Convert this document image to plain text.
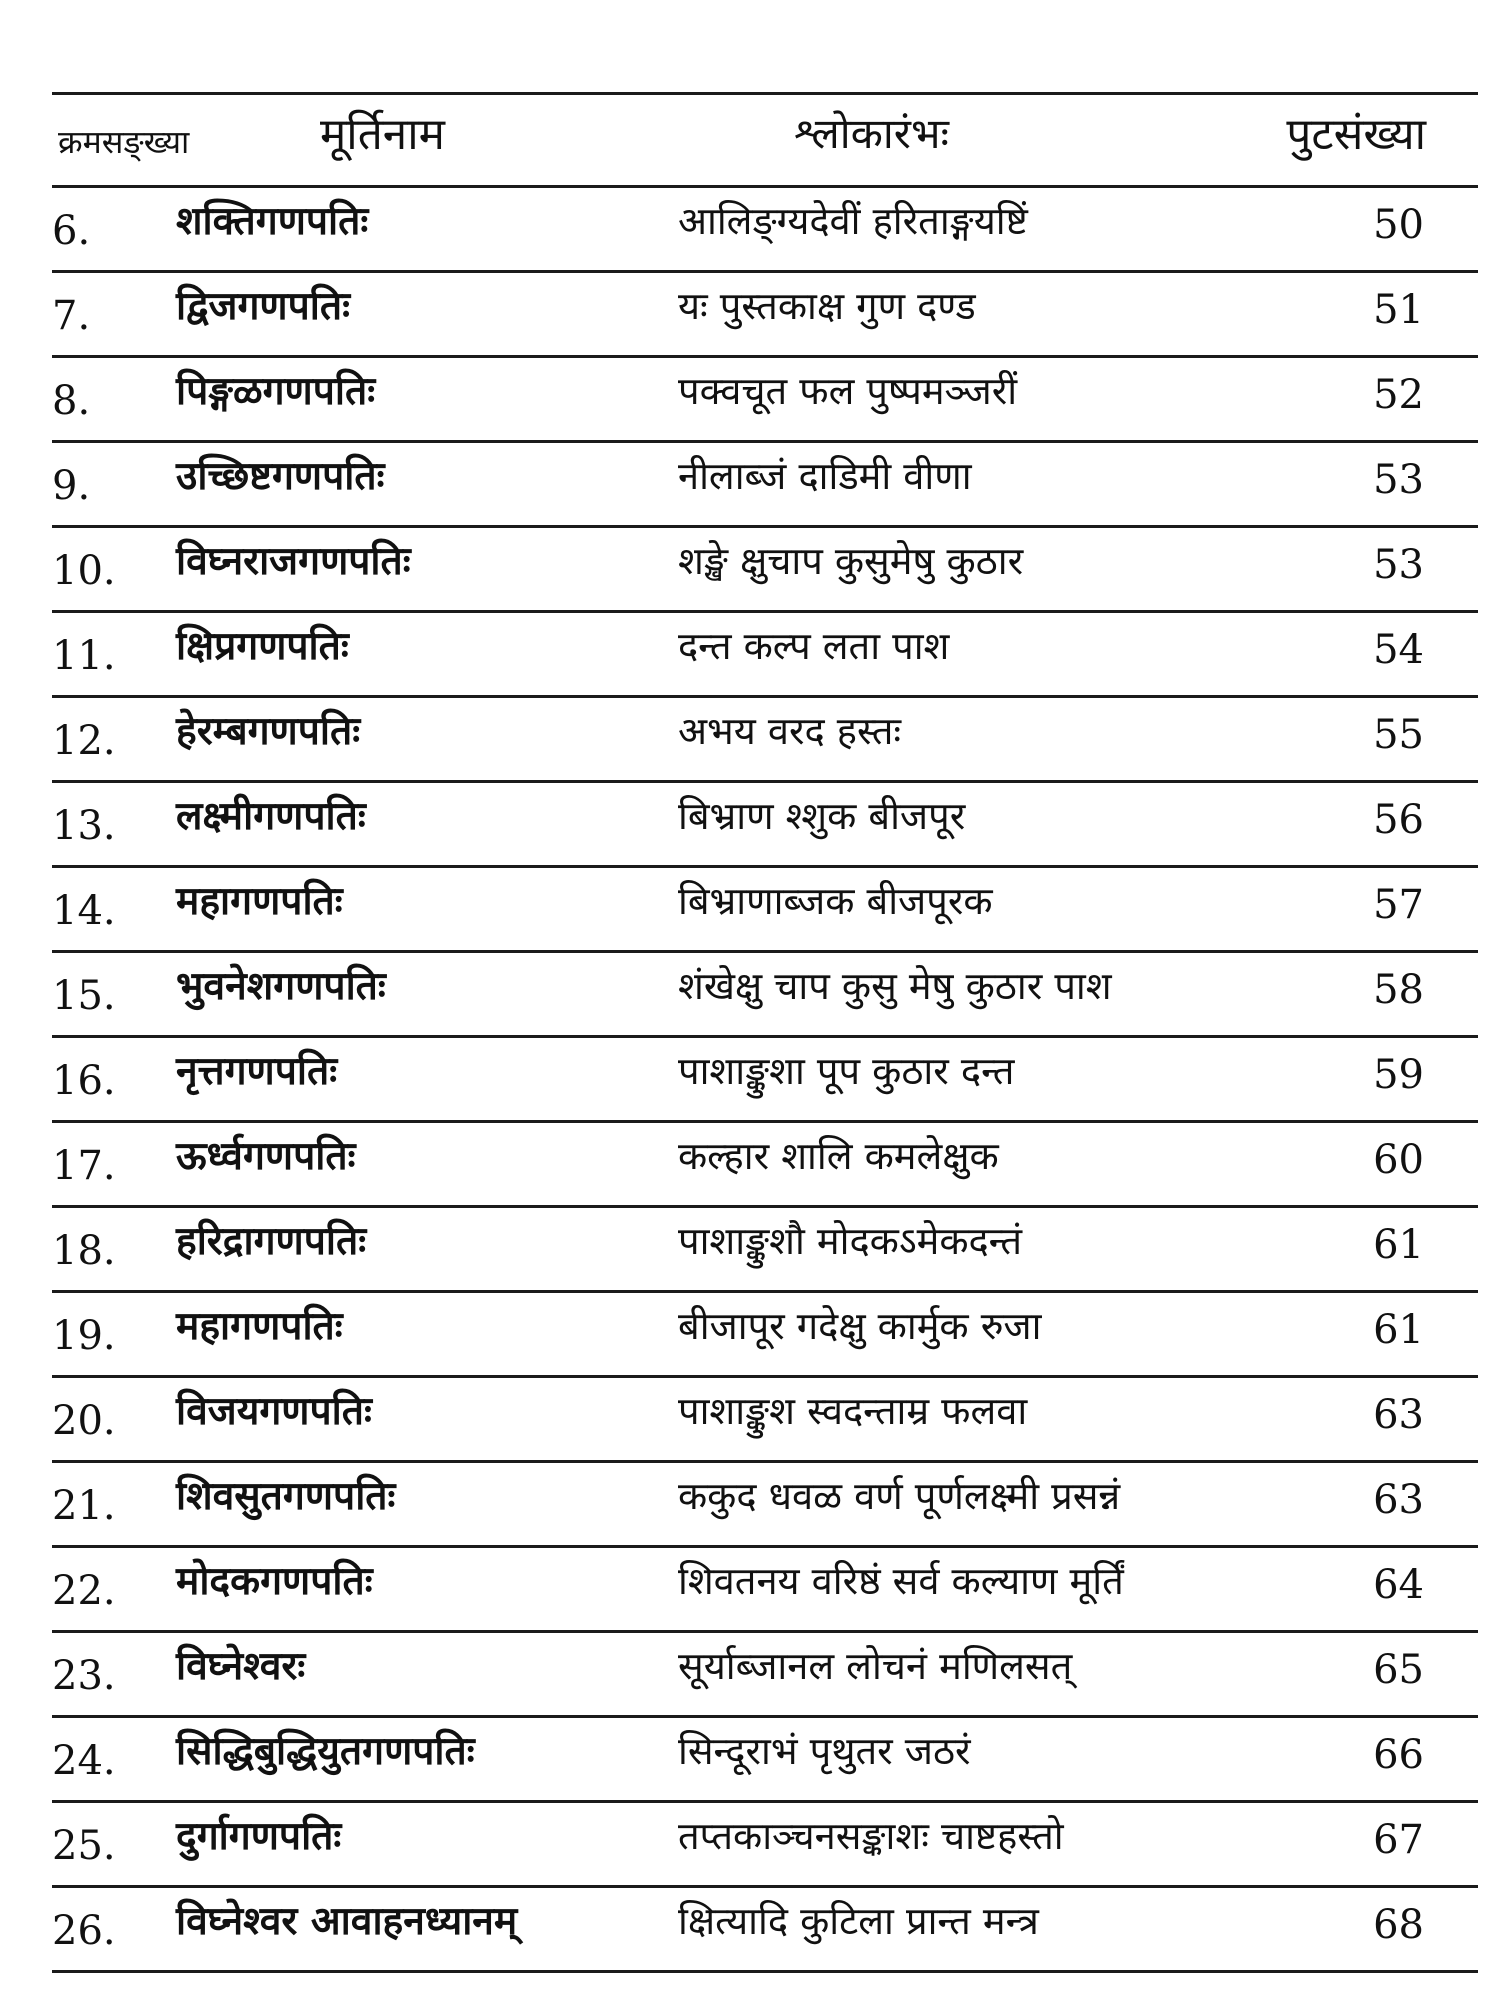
क्रमसङ्ख्या	मूर्तिनाम	श्लोकारंभः	पुटसंख्या
6. शक्तिगणपतिः	आलिङ्ग्यदेवीं हरिताङ्गयष्टिं	50
7. द्विजगणपतिः	यः पुस्तकाक्ष गुण दण्ड	51
8. पिङ्गळगणपतिः	पक्वचूत फल पुष्पमञ्जरीं	52
9. उच्छिष्टगणपतिः	नीलाब्जं दाडिमी वीणा	53
10. विघ्नराजगणपतिः	शङ्खे क्षुचाप कुसुमेषु कुठार	53
11. क्षिप्रगणपतिः	दन्त कल्प लता पाश	54
12. हेरम्बगणपतिः	अभय वरद हस्तः	55
13. लक्ष्मीगणपतिः	बिभ्राण श्शुक बीजपूर	56
14. महागणपतिः	बिभ्राणाब्जक बीजपूरक	57
15. भुवनेशगणपतिः	शंखेक्षु चाप कुसु मेषु कुठार पाश	58
16. नृत्तगणपतिः	पाशाङ्कुशा पूप कुठार दन्त	59
17. ऊर्ध्वगणपतिः	कल्हार शालि कमलेक्षुक	60
18. हरिद्रागणपतिः	पाशाङ्कुशौ मोदकऽमेकदन्तं	61
19. महागणपतिः	बीजापूर गदेक्षु कार्मुक रुजा	61
20. विजयगणपतिः	पाशाङ्कुश स्वदन्ताम्र फलवा	63
21. शिवसुतगणपतिः	ककुद धवळ वर्ण पूर्णलक्ष्मी प्रसन्नं	63
22. मोदकगणपतिः	शिवतनय वरिष्ठं सर्व कल्याण मूर्तिं	64
23. विघ्नेश्वरः	सूर्याब्जानल लोचनं मणिलसत्	65
24. सिद्धिबुद्धियुतगणपतिः	सिन्दूराभं पृथुतर जठरं	66
25. दुर्गागणपतिः	तप्तकाञ्चनसङ्काशः चाष्टहस्तो	67
26. विघ्नेश्वर आवाहनध्यानम्	क्षित्यादि कुटिला प्रान्त मन्त्र	68
